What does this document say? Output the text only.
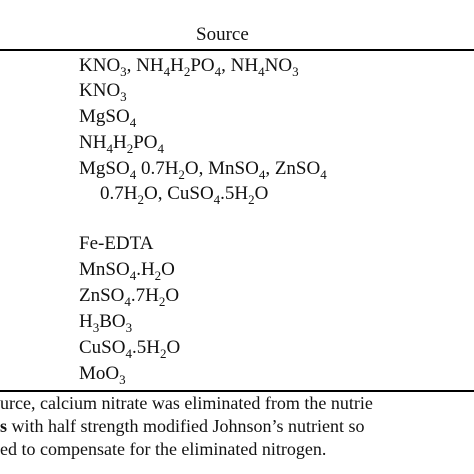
Source
$KNO_3$, $NH_4H_2PO_4$, $NH_4NO_3$
$KNO_3$
MgSO$_4$
$NH_4H_2PO_4$
MgSO$_4$ $0.7H_2O$, MnSO$_4$, ZnSO$_4$
$0.7H_2O$, $CuSO_4.5H_2O$
Fe-EDTA
$MnSO_4.H_2O$
$ZnSO_4.7H_2O$
$H_3BO_3$
$CuSO_4.5H_2O$
MoO$_3$
urce, calcium nitrate was eliminated from the nutrie
s with half strength modified Johnson’s nutrient so
ed to compensate for the eliminated nitrogen.
